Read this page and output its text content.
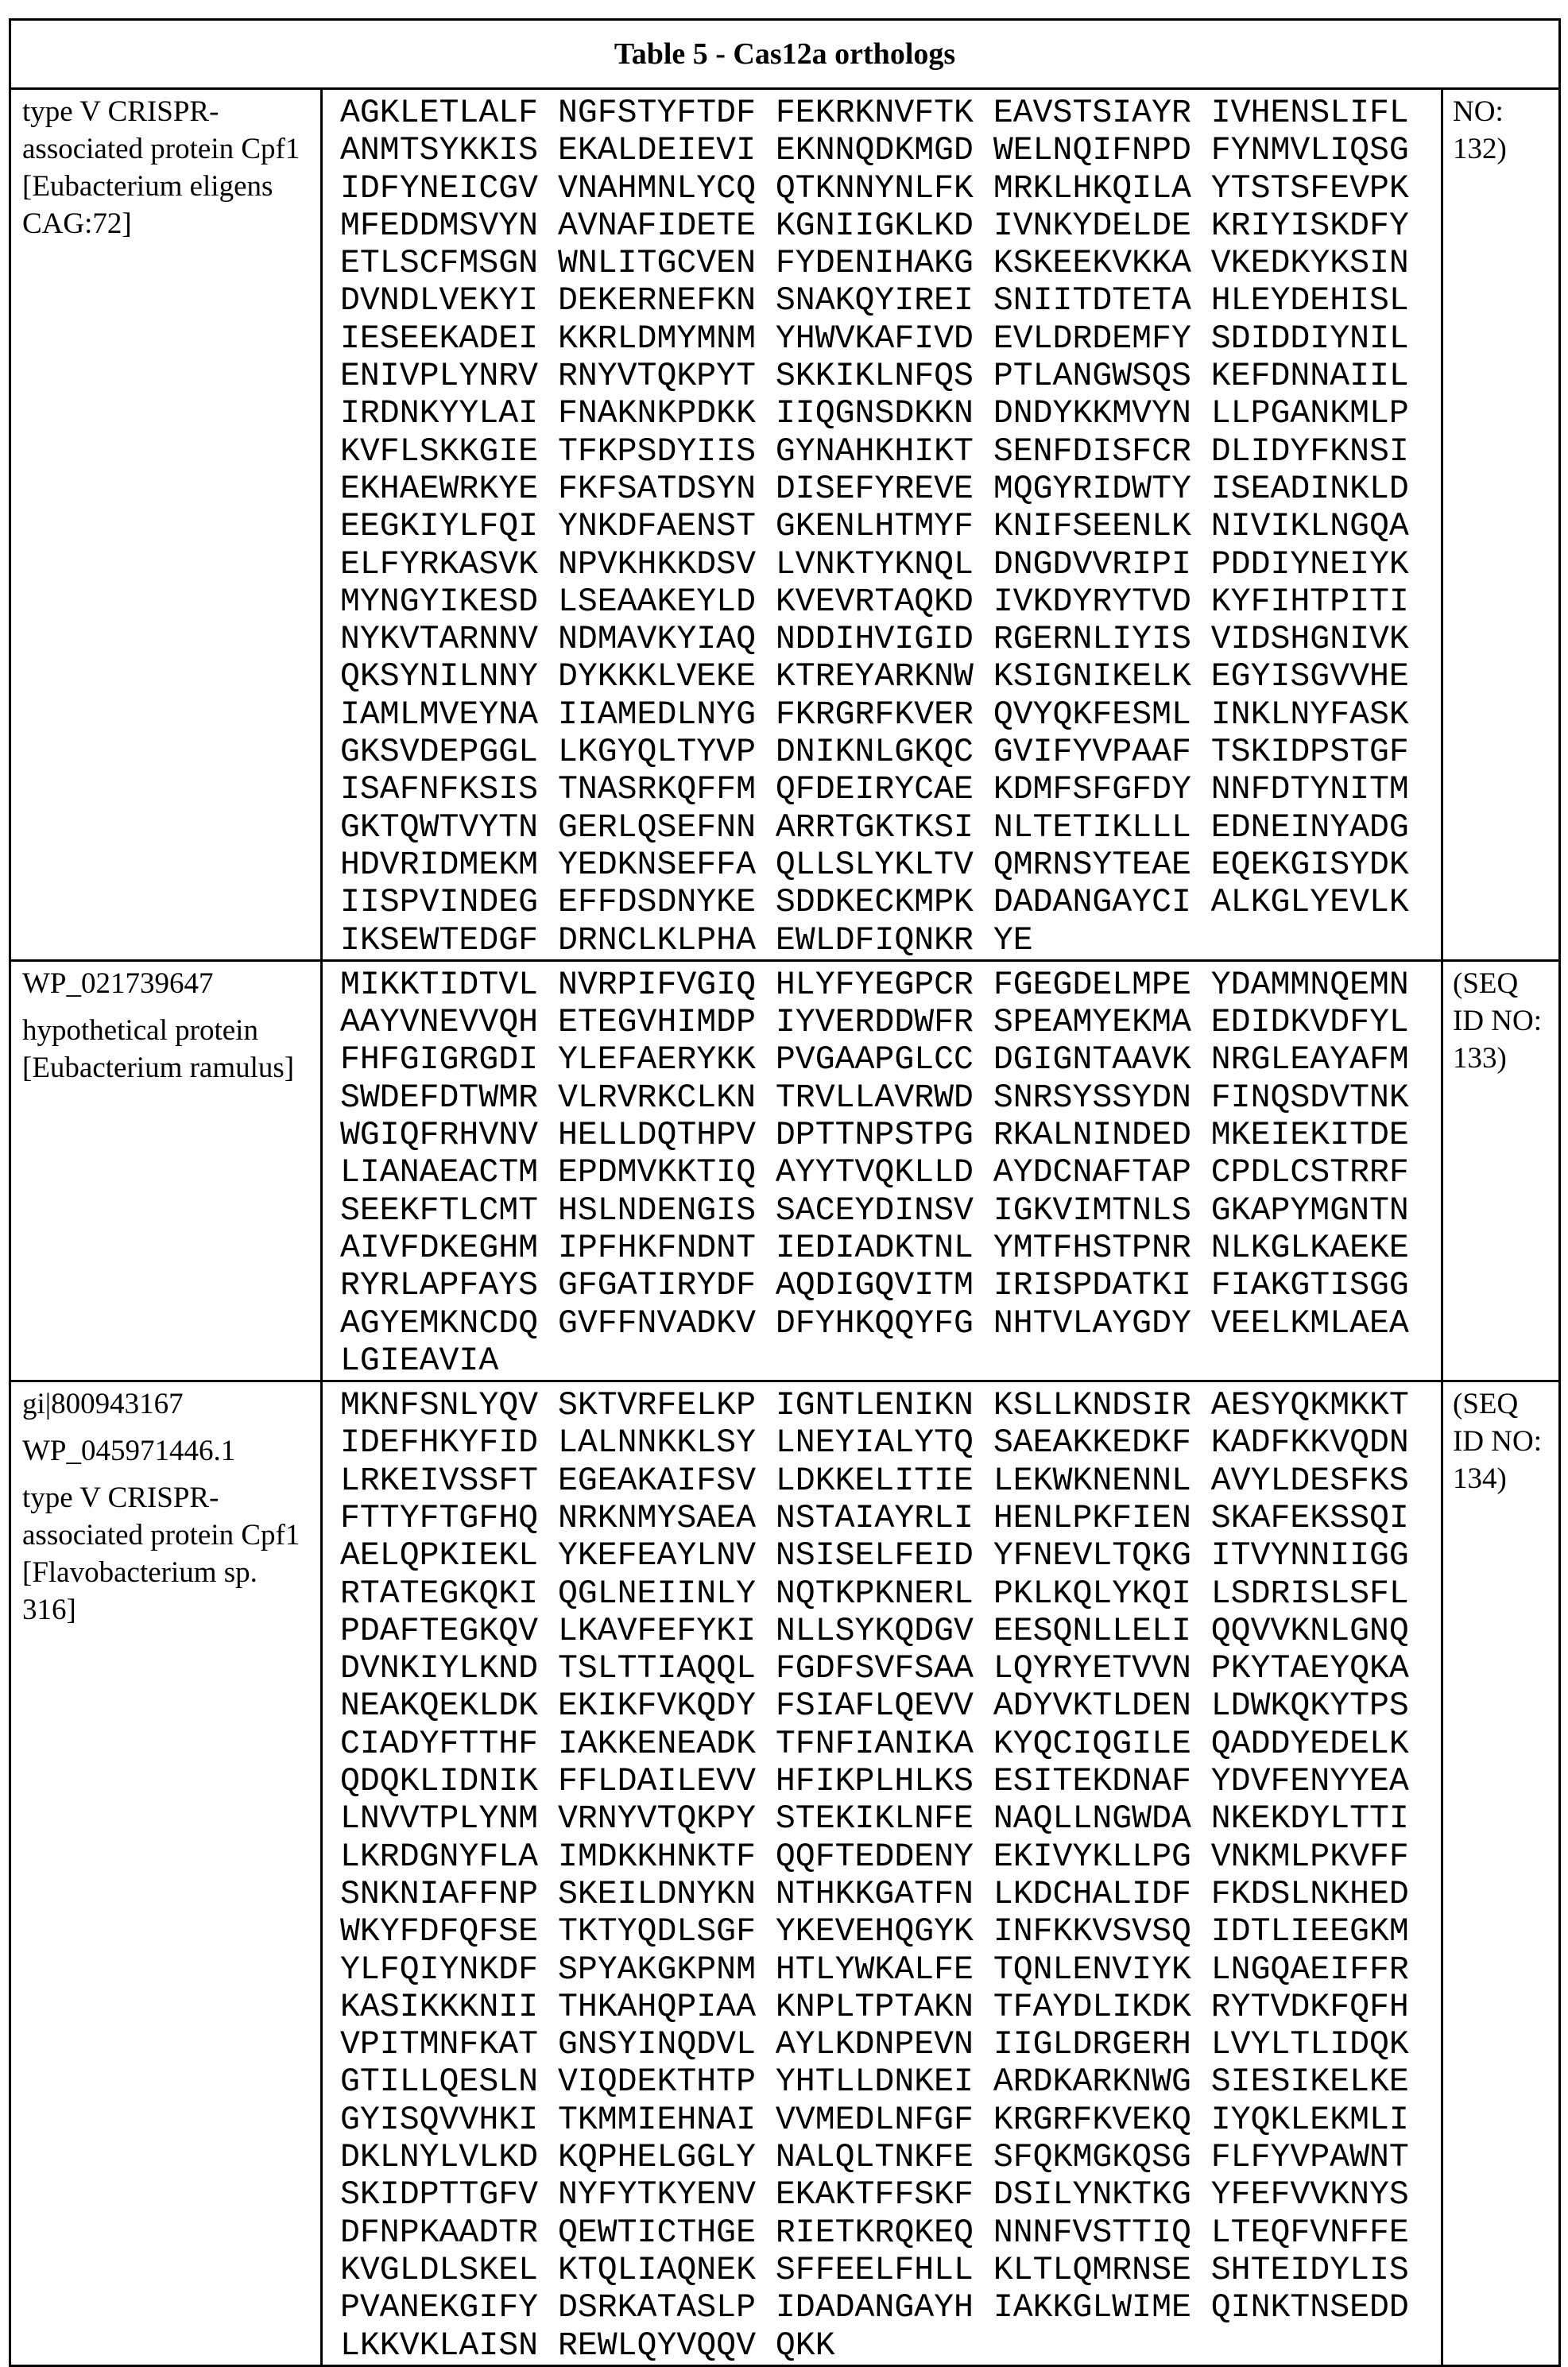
Table 5 - Cas12a orthologs

type V CRISPR-associated protein Cpf1 [Eubacterium eligens CAG:72]

AGKLETLALF NGFSTYFTDF FEKRKNVFTK EAVSTSIAYR IVHENSLIFL
ANMTSYKKIS EKALDEIEVI EKNNQDKMGD WELNQIFNPD FYNMVLIQSG
IDFYNEICGV VNAHMNLYCQ QTKNNYNLFK MRKLHKQILA YTSTSFEVPK
MFEDDMSVYN AVNAFIDETE KGNIIGKLKD IVNKYDELDE KRIYISKDFY
ETLSCFMSGN WNLITGCVEN FYDENIHAKG KSKEEKVKKA VKEDKYKSIN
DVNDLVEKYI DEKERNEFKN SNAKQYIREI SNIITDTETA HLEYDEHISL
IESEEKADEI KKRLDMYMNM YHWVKAFIVD EVLDRDEMFY SDIDDIYNIL
ENIVPLYNRV RNYVTQKPYT SKKIKLNFQS PTLANGWSQS KEFDNNAIIL
IRDNKYYLAI FNAKNKPDKK IIQGNSDKKN DNDYKKMVYN LLPGANKMLP
KVFLSKKGIE TFKPSDYIIS GYNAHKHIKT SENFDISFCR DLIDYFKNSI
EKHAEWRKYE FKFSATDSYN DISEFYREVE MQGYRIDWTY ISEADINKLD
EEGKIYLFQI YNKDFAENST GKENLHTMYF KNIFSEENLK NIVIKLNGQA
ELFYRKASVK NPVKHKKDSV LVNKTYKNQL DNGDVVRIPI PDDIYNEIYK
MYNGYIKESD LSEAAKEYLD KVEVRTAQKD IVKDYRYTVD KYFIHTPITI
NYKVTARNNV NDMAVKYIAQ NDDIHVIGID RGERNLIYIS VIDSHGNIVK
QKSYNILNNY DYKKKLVEKE KTREYARKNW KSIGNIKELK EGYISGVVHE
IAMLMVEYNA IIAMEDLNYG FKRGRFKVER QVYQKFESML INKLNYFASK
GKSVDEPGGL LKGYQLTYVP DNIKNLGKQC GVIFYVPAAF TSKIDPSTGF
ISAFNFKSIS TNASRKQFFM QFDEIRYCAE KDMFSFGFDY NNFDTYNITM
GKTQWTVYTN GERLQSEFNN ARRTGKTKSI NLTETIKLLL EDNEINYADG
HDVRIDMEKM YEDKNSEFFA QLLSLYKLTV QMRNSYTEAE EQEKGISYDK
IISPVINDEG EFFDSDNYKE SDDKECKMPK DADANGAYCI ALKGLYEVLK
IKSEWTEDGF DRNCLKLPHA EWLDFIQNKR YE
	NO: 132)

WP_021739647

hypothetical protein [Eubacterium ramulus]

MIKKTIDTVL NVRPIFVGIQ HLYFYEGPCR FGEGDELMPE YDAMMNQEMN
AAYVNEVVQH ETEGVHIMDP IYVERDDWFR SPEAMYEKMA EDIDKVDFYL
FHFGIGRGDI YLEFAERYKK PVGAAPGLCC DGIGNTAAVK NRGLEAYAFM
SWDEFDTWMR VLRVRKCLKN TRVLLAVRWD SNRSYSSYDN FINQSDVTNK
WGIQFRHVNV HELLDQTHPV DPTTNPSTPG RKALNINDED MKEIEKITDE
LIANAEACTM EPDMVKKTIQ AYYTVQKLLD AYDCNAFTAP CPDLCSTRRF
SEEKFTLCMT HSLNDENGIS SACEYDINSV IGKVIMTNLS GKAPYMGNTN
AIVFDKEGHM IPFHKFNDNT IEDIADKTNL YMTFHSTPNR NLKGLKAEKE
RYRLAPFAYS GFGATIRYDF AQDIGQVITM IRISPDATKI FIAKGTISGG
AGYEMKNCDQ GVFFNVADKV DFYHKQQYFG NHTVLAYGDY VEELKMLAEA
LGIEAVIA
	(SEQ ID NO: 133)

gi|800943167

WP_045971446.1

type V CRISPR-associated protein Cpf1 [Flavobacterium sp. 316]

MKNFSNLYQV SKTVRFELKP IGNTLENIKN KSLLKNDSIR AESYQKMKKT
IDEFHKYFID LALNNKKLSY LNEYIALYTQ SAEAKKEDKF KADFKKVQDN
LRKEIVSSFT EGEAKAIFSV LDKKELITIE LEKWKNENNL AVYLDESFKS
FTTYFTGFHQ NRKNMYSAEA NSTAIAYRLI HENLPKFIEN SKAFEKSSQI
AELQPKIEKL YKEFEAYLNV NSISELFEID YFNEVLTQKG ITVYNNIIGG
RTATEGKQKI QGLNEIINLY NQTKPKNERL PKLKQLYKQI LSDRISLSFL
PDAFTEGKQV LKAVFEFYKI NLLSYKQDGV EESQNLLELI QQVVKNLGNQ
DVNKIYLKND TSLTTIAQQL FGDFSVFSAA LQYRYETVVN PKYTAEYQKA
NEAKQEKLDK EKIKFVKQDY FSIAFLQEVV ADYVKTLDEN LDWKQKYTPS
CIADYFTTHF IAKKENEADK TFNFIANIKA KYQCIQGILE QADDYEDELK
QDQKLIDNIK FFLDAILEVV HFIKPLHLKS ESITEKDNAF YDVFENYYEA
LNVVTPLYNM VRNYVTQKPY STEKIKLNFE NAQLLNGWDA NKEKDYLTTI
LKRDGNYFLA IMDKKHNKTF QQFTEDDENY EKIVYKLLPG VNKMLPKVFF
SNKNIAFFNP SKEILDNYKN NTHKKGATFN LKDCHALIDF FKDSLNKHED
WKYFDFQFSE TKTYQDLSGF YKEVEHQGYK INFKKVSVSQ IDTLIEEGKM
YLFQIYNKDF SPYAKGKPNM HTLYWKALFE TQNLENVIYK LNGQAEIFFR
KASIKKKNII THKAHQPIAA KNPLTPTAKN TFAYDLIKDK RYTVDKFQFH
VPITMNFKAT GNSYINQDVL AYLKDNPEVN IIGLDRGERH LVYLTLIDQK
GTILLQESLN VIQDEKTHTP YHTLLDNKEI ARDKARKNWG SIESIKELKE
GYISQVVHKI TKMMIEHNAI VVMEDLNFGF KRGRFKVEKQ IYQKLEKMLI
DKLNYLVLKD KQPHELGGLY NALQLTNKFE SFQKMGKQSG FLFYVPAWNT
SKIDPTTGFV NYFYTKYENV EKAKTFFSKF DSILYNKTKG YFEFVVKNYS
DFNPKAADTR QEWTICTHGE RIETKRQKEQ NNNFVSTTIQ LTEQFVNFFE
KVGLDLSKEL KTQLIAQNEK SFFEELFHLL KLTLQMRNSE SHTEIDYLIS
PVANEKGIFY DSRKATASLP IDADANGAYH IAKKGLWIME QINKTNSEDD
LKKVKLAISN REWLQYVQQV QKK
	(SEQ ID NO: 134)
